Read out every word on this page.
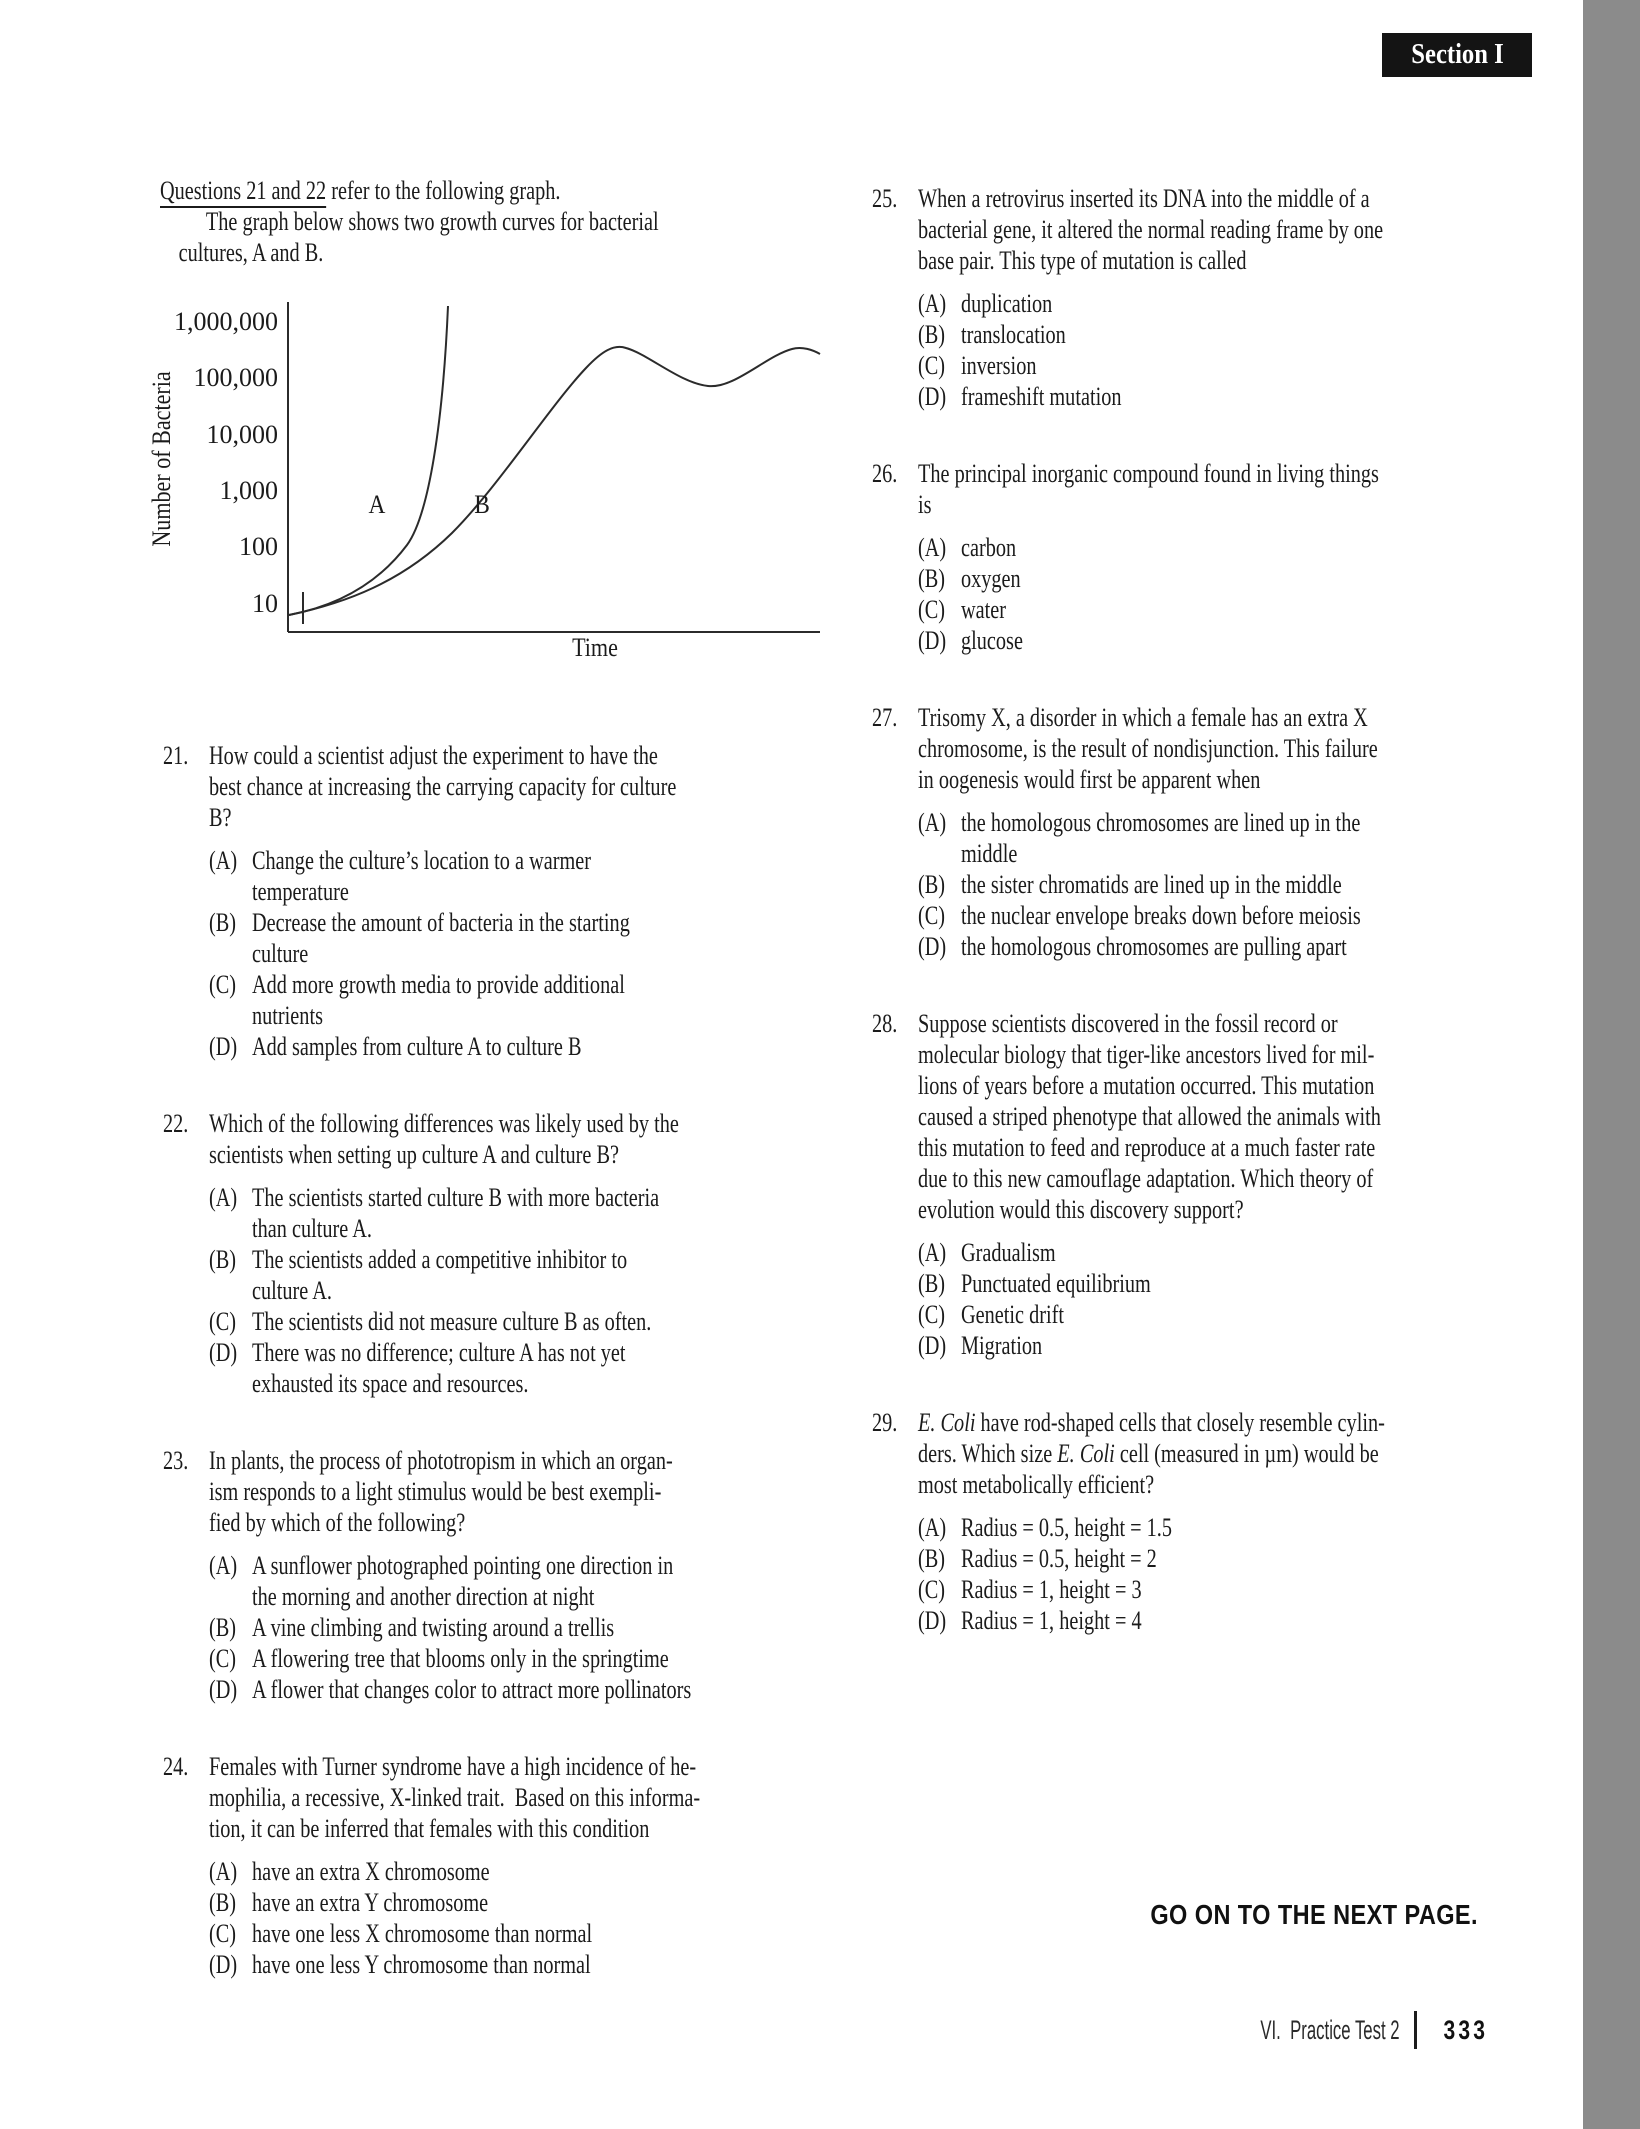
Section I
Questions 21 and 22 refer to the following graph.
The graph below shows two growth curves for bacterial
cultures, A and B.
1,000,000
100,000
10,000
1,000
100
10
Number of Bacteria
Time
A	B
21. How could a scientist adjust the experiment to have the
best chance at increasing the carrying capacity for culture
B?
(A) Change the culture’s location to a warmer
temperature
(B) Decrease the amount of bacteria in the starting
culture
(C) Add more growth media to provide additional
nutrients
(D) Add samples from culture A to culture B
22. Which of the following differences was likely used by the
scientists when setting up culture A and culture B?
(A) The scientists started culture B with more bacteria
than culture A.
(B) The scientists added a competitive inhibitor to
culture A.
(C) The scientists did not measure culture B as often.
(D) There was no difference; culture A has not yet
exhausted its space and resources.
23. In plants, the process of phototropism in which an organ-
ism responds to a light stimulus would be best exempli-
fied by which of the following?
(A) A sunflower photographed pointing one direction in
the morning and another direction at night
(B) A vine climbing and twisting around a trellis
(C) A flowering tree that blooms only in the springtime
(D) A flower that changes color to attract more pollinators
24. Females with Turner syndrome have a high incidence of he-
mophilia, a recessive, X-linked trait.  Based on this informa-
tion, it can be inferred that females with this condition
(A) have an extra X chromosome
(B) have an extra Y chromosome
(C) have one less X chromosome than normal
(D) have one less Y chromosome than normal
25. When a retrovirus inserted its DNA into the middle of a
bacterial gene, it altered the normal reading frame by one
base pair. This type of mutation is called
(A) duplication
(B) translocation
(C) inversion
(D) frameshift mutation
26. The principal inorganic compound found in living things
is
(A) carbon
(B) oxygen
(C) water
(D) glucose
27. Trisomy X, a disorder in which a female has an extra X
chromosome, is the result of nondisjunction. This failure
in oogenesis would first be apparent when
(A) the homologous chromosomes are lined up in the
middle
(B) the sister chromatids are lined up in the middle
(C) the nuclear envelope breaks down before meiosis
(D) the homologous chromosomes are pulling apart
28. Suppose scientists discovered in the fossil record or
molecular biology that tiger-like ancestors lived for mil-
lions of years before a mutation occurred. This mutation
caused a striped phenotype that allowed the animals with
this mutation to feed and reproduce at a much faster rate
due to this new camouflage adaptation. Which theory of
evolution would this discovery support?
(A) Gradualism
(B) Punctuated equilibrium
(C) Genetic drift
(D) Migration
29. E. Coli have rod-shaped cells that closely resemble cylin-
ders. Which size E. Coli cell (measured in µm) would be
most metabolically efficient?
(A) Radius = 0.5, height = 1.5
(B) Radius = 0.5, height = 2
(C) Radius = 1, height = 3
(D) Radius = 1, height = 4
GO ON TO THE NEXT PAGE.
VI.  Practice Test 2 333
